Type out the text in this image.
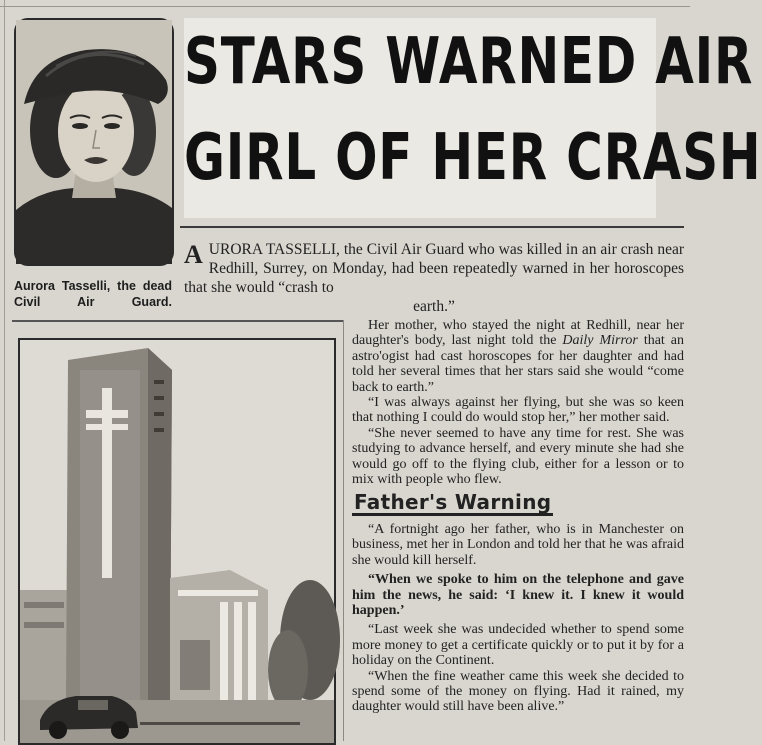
Aurora Tasselli, the dead Civil Air Guard.
STARS WARNED AIR
GIRL OF HER CRASH
AURORA TASSELLI, the Civil Air Guard who was killed in an air crash near Redhill, Surrey, on Monday, had been repeatedly warned in her horoscopes that she would “crash to
earth.”

Her mother, who stayed the night at Redhill, near her daughter's body, last night told the Daily Mirror that an astro'ogist had cast horoscopes for her daughter and had told her several times that her stars said she would “come back to earth.”

“I was always against her flying, but she was so keen that nothing I could do would stop her,” her mother said.

“She never seemed to have any time for rest. She was studying to advance herself, and every minute she had she would go off to the flying club, either for a lesson or to mix with people who flew.

Father's Warning

“A fortnight ago her father, who is in Manchester on business, met her in London and told her that he was afraid she would kill herself.

“When we spoke to him on the telephone and gave him the news, he said: ‘I knew it. I knew it would happen.’

“Last week she was undecided whether to spend some more money to get a certificate quickly or to put it by for a holiday on the Continent.

“When the fine weather came this week she decided to spend some of the money on flying. Had it rained, my daughter would still have been alive.”
